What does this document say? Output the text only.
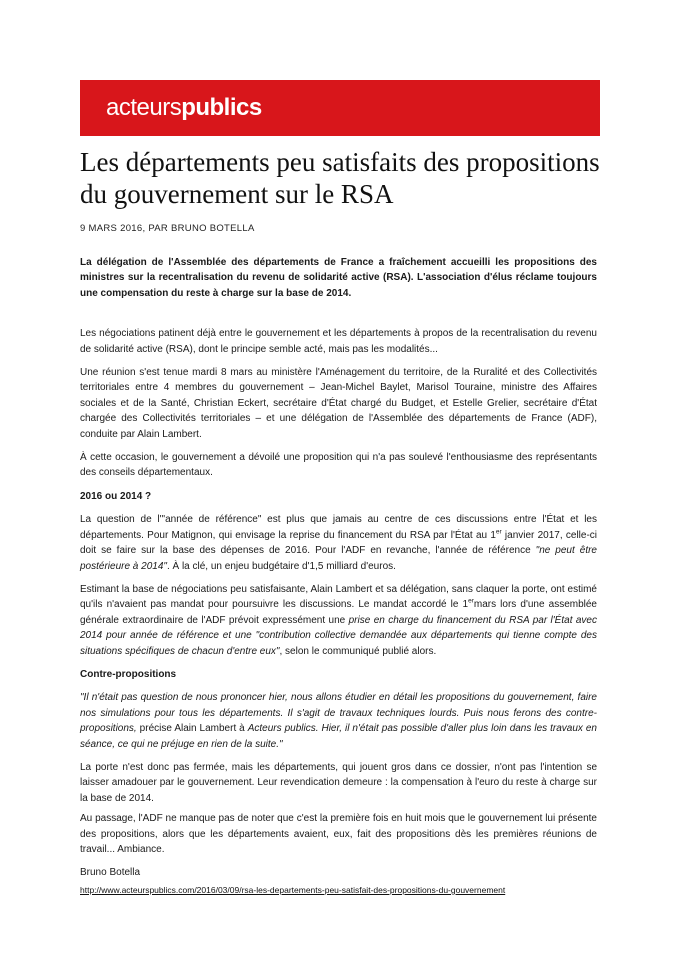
acteurspublics
Les départements peu satisfaits des propositions du gouvernement sur le RSA
9 MARS 2016, PAR BRUNO BOTELLA

La délégation de l'Assemblée des départements de France a fraîchement accueilli les propositions des ministres sur la recentralisation du revenu de solidarité active (RSA). L'association d'élus réclame toujours une compensation du reste à charge sur la base de 2014.

Les négociations patinent déjà entre le gouvernement et les départements à propos de la recentralisation du revenu de solidarité active (RSA), dont le principe semble acté, mais pas les modalités...

Une réunion s'est tenue mardi 8 mars au ministère l'Aménagement du territoire, de la Ruralité et des Collectivités territoriales entre 4 membres du gouvernement – Jean-Michel Baylet, Marisol Touraine, ministre des Affaires sociales et de la Santé, Christian Eckert, secrétaire d'État chargé du Budget, et Estelle Grelier, secrétaire d'État chargée des Collectivités territoriales – et une délégation de l'Assemblée des départements de France (ADF), conduite par Alain Lambert.

À cette occasion, le gouvernement a dévoilé une proposition qui n'a pas soulevé l'enthousiasme des représentants des conseils départementaux.

2016 ou 2014 ?

La question de l'"année de référence" est plus que jamais au centre de ces discussions entre l'État et les départements. Pour Matignon, qui envisage la reprise du financement du RSA par l'État au 1er janvier 2017, celle-ci doit se faire sur la base des dépenses de 2016. Pour l'ADF en revanche, l'année de référence "ne peut être postérieure à 2014". À la clé, un enjeu budgétaire d'1,5 milliard d'euros.

Estimant la base de négociations peu satisfaisante, Alain Lambert et sa délégation, sans claquer la porte, ont estimé qu'ils n'avaient pas mandat pour poursuivre les discussions. Le mandat accordé le 1ermars lors d'une assemblée générale extraordinaire de l'ADF prévoit expressément une prise en charge du financement du RSA par l'État avec 2014 pour année de référence et une "contribution collective demandée aux départements qui tienne compte des situations spécifiques de chacun d'entre eux", selon le communiqué publié alors.

Contre-propositions

"Il n'était pas question de nous prononcer hier, nous allons étudier en détail les propositions du gouvernement, faire nos simulations pour tous les départements. Il s'agit de travaux techniques lourds. Puis nous ferons des contre-propositions, précise Alain Lambert à Acteurs publics. Hier, il n'était pas possible d'aller plus loin dans les travaux en séance, ce qui ne préjuge en rien de la suite."

La porte n'est donc pas fermée, mais les départements, qui jouent gros dans ce dossier, n'ont pas l'intention se laisser amadouer par le gouvernement. Leur revendication demeure : la compensation à l'euro du reste à charge sur la base de 2014.

Au passage, l'ADF ne manque pas de noter que c'est la première fois en huit mois que le gouvernement lui présente des propositions, alors que les départements avaient, eux, fait des propositions dès les premières réunions de travail... Ambiance.

Bruno Botella

http://www.acteurspublics.com/2016/03/09/rsa-les-departements-peu-satisfait-des-propositions-du-gouvernement
